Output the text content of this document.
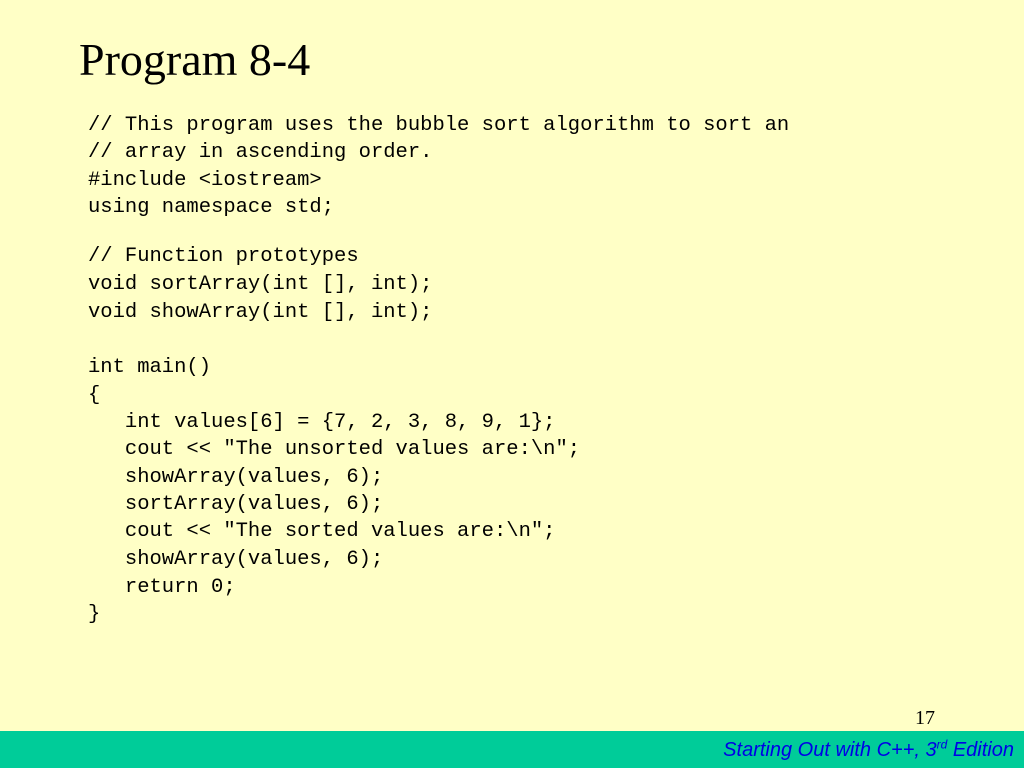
Program 8-4
// This program uses the bubble sort algorithm to sort an
// array in ascending order.
#include <iostream>
using namespace std;
// Function prototypes
void sortArray(int [], int);
void showArray(int [], int);
int main()
{
int values[6] = {7, 2, 3, 8, 9, 1};
cout << "The unsorted values are:\n";
showArray(values, 6);
sortArray(values, 6);
cout << "The sorted values are:\n";
showArray(values, 6);
return 0;
}
17
Starting Out with C++, 3rd Edition
